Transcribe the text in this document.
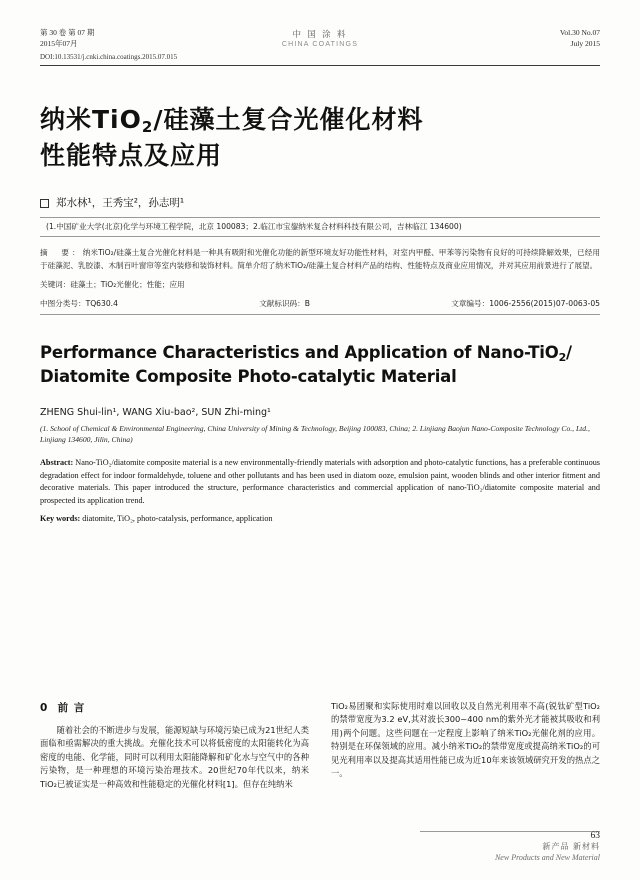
第 30 卷 第 07 期
2015年07月
中 国 涂 料
CHINA COATINGS
Vol.30 No.07
July 2015
DOI:10.13531/j.cnki.china.coatings.2015.07.015
纳米TiO$_2$/硅藻土复合光催化材料
性能特点及应用
郑水林¹，王秀宝²，孙志明¹
(1.中国矿业大学(北京)化学与环境工程学院，北京 100083；2.临江市宝鋆纳米复合材料科技有限公司，吉林临江 134600)

摘　要：纳米TiO₂/硅藻土复合光催化材料是一种具有吸附和光催化功能的新型环境友好功能性材料，对室内甲醛、甲苯等污染物有良好的可持续降解效果，已经用于硅藻泥、乳胶漆、木制百叶窗帘等室内装修和装饰材料。简单介绍了纳米TiO₂/硅藻土复合材料产品的结构、性能特点及商业应用情况，并对其应用前景进行了展望。

关键词：硅藻土；TiO₂光催化；性能；应用
中图分类号：TQ630.4	文献标识码：B	文章编号：1006-2556(2015)07-0063-05
Performance Characteristics and Application of Nano-TiO$_2$/
Diatomite Composite Photo-catalytic Material
ZHENG Shui-lin¹, WANG Xiu-bao², SUN Zhi-ming¹
(1. School of Chemical & Environmental Engineering, China University of Mining & Technology, Beijing 100083, China; 2. Linjiang Baojun Nano-Composite Technology Co., Ltd., Linjiang 134600, Jilin, China)
Abstract: Nano-TiO₂/diatomite composite material is a new environmentally-friendly materials with adsorption and photo-catalytic functions, has a preferable continuous degradation effect for indoor formaldehyde, toluene and other pollutants and has been used in diatom ooze, emulsion paint, wooden blinds and other interior fitment and decorative materials. This paper introduced the structure, performance characteristics and commercial application of nano-TiO₂/diatomite composite material and prospected its application trend.
Key words: diatomite, TiO₂, photo-catalysis, performance, application
0 前 言

随着社会的不断进步与发展，能源短缺与环境污染已成为21世纪人类面临和亟需解决的重大挑战。充催化技术可以将低密度的太阳能转化为高密度的电能、化学能，同时可以利用太阳能降解和矿化水与空气中的各种污染物，是一种理想的环境污染治理技术。20世纪70年代以来，纳米TiO₂已被证实是一种高效和性能稳定的光催化材料[1]。但存在纯纳米

TiO₂易团聚和实际使用时难以回收以及自然光利用率不高(锐钛矿型TiO₂的禁带宽度为3.2 eV,其对波长300~400 nm的紫外光才能被其吸收和利用)两个问题。这些问题在一定程度上影响了纳米TiO₂光催化剂的应用。特别是在环保领域的应用。减小纳米TiO₂的禁带宽度或提高纳米TiO₂的可见光利用率以及提高其适用性能已成为近10年来该领域研究开发的热点之一。

63
新产品 新材料
New Products and New Material
